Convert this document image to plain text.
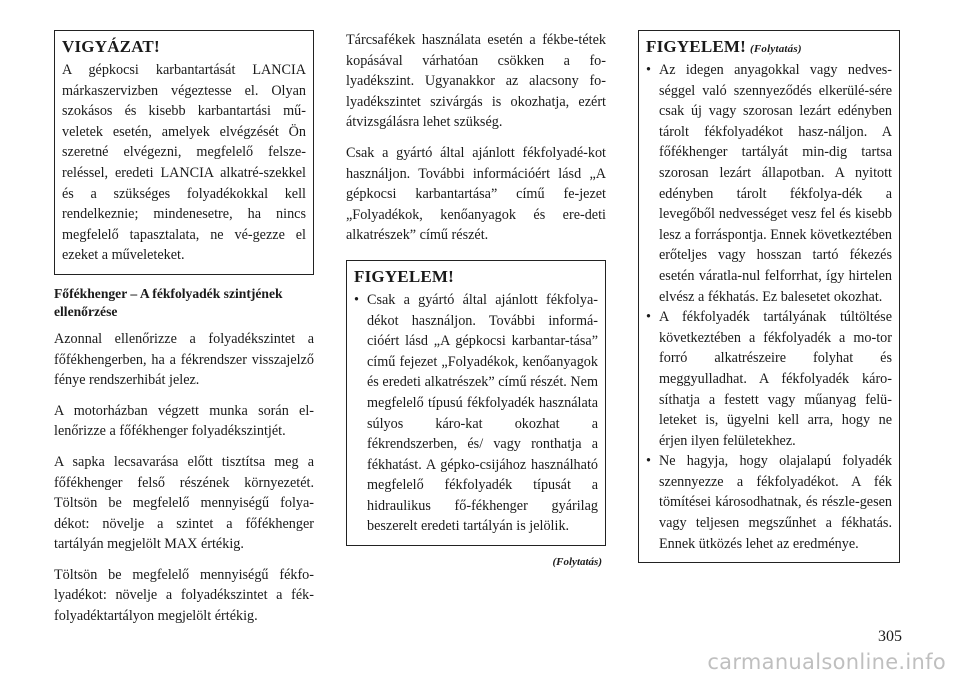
VIGYÁZAT!

A gépkocsi karbantartását LANCIA márkaszervizben végeztesse el. Olyan szokásos és kisebb karbantartási mű-veletek esetén, amelyek elvégzését Ön szeretné elvégezni, megfelelő felsze-reléssel, eredeti LANCIA alkatré-szekkel és a szükséges folyadékokkal kell rendelkeznie; mindenesetre, ha nincs megfelelő tapasztalata, ne vé-gezze el ezeket a műveleteket.

Főfékhenger – A fékfolyadék szintjének ellenőrzése

Azonnal ellenőrizze a folyadékszintet a főfékhengerben, ha a fékrendszer visszajelző fénye rendszerhibát jelez.

A motorházban végzett munka során el-lenőrizze a főfékhenger folyadékszintjét.

A sapka lecsavarása előtt tisztítsa meg a főfékhenger felső részének környezetét. Töltsön be megfelelő mennyiségű folya-dékot: növelje a szintet a főfékhenger tartályán megjelölt MAX értékig.

Töltsön be megfelelő mennyiségű fékfo-lyadékot: növelje a folyadékszintet a fék-folyadéktartályon megjelölt értékig.

Tárcsafékek használata esetén a fékbe-tétek kopásával várhatóan csökken a fo-lyadékszint. Ugyanakkor az alacsony fo-lyadékszintet szivárgás is okozhatja, ezért átvizsgálásra lehet szükség.

Csak a gyártó által ajánlott fékfolyadé-kot használjon. További információért lásd „A gépkocsi karbantartása” című fe-jezet „Folyadékok, kenőanyagok és ere-deti alkatrészek” című részét.

FIGYELEM!
• Csak a gyártó által ajánlott fékfolya-dékot használjon. További informá-cióért lásd „A gépkocsi karbantar-tása” című fejezet „Folyadékok, kenőanyagok és eredeti alkatrészek” című részét. Nem megfelelő típusú fékfolyadék használata súlyos káro-kat okozhat a fékrendszerben, és/ vagy ronthatja a fékhatást. A gépko-csijához használható megfelelő fékfolyadék típusát a hidraulikus fő-fékhenger gyárilag beszerelt eredeti tartályán is jelölik.
(Folytatás)
FIGYELEM! (Folytatás)
• Az idegen anyagokkal vagy nedves-séggel való szennyeződés elkerülé-sére csak új vagy szorosan lezárt edényben tárolt fékfolyadékot hasz-náljon. A főfékhenger tartályát min-dig tartsa szorosan lezárt állapotban. A nyitott edényben tárolt fékfolya-dék a levegőből nedvességet vesz fel és kisebb lesz a forráspontja. Ennek következtében erőteljes vagy hosszan tartó fékezés esetén váratla-nul felforrhat, így hirtelen elvész a fékhatás. Ez balesetet okozhat.
• A fékfolyadék tartályának túltöltése következtében a fékfolyadék a mo-tor forró alkatrészeire folyhat és meggyulladhat. A fékfolyadék káro-síthatja a festett vagy műanyag felü-leteket is, ügyelni kell arra, hogy ne érjen ilyen felületekhez.
• Ne hagyja, hogy olajalapú folyadék szennyezze a fékfolyadékot. A fék tömítései károsodhatnak, és részle-gesen vagy teljesen megszűnhet a fékhatás. Ennek ütközés lehet az eredménye.
305
carmanualsonline.info
